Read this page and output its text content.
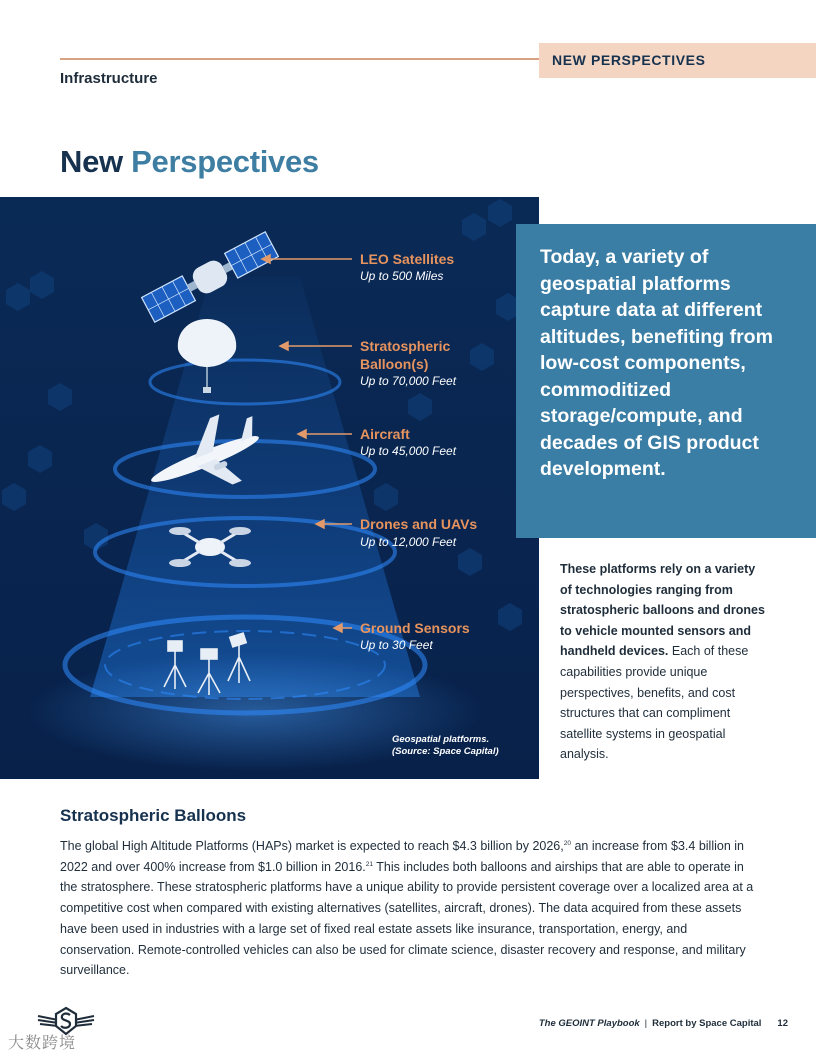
NEW PERSPECTIVES
Infrastructure
New Perspectives
LEO Satellites
Up to 500 Miles
Stratospheric
Balloon(s)
Up to 70,000 Feet
Aircraft
Up to 45,000 Feet
Drones and UAVs
Up to 12,000 Feet
Ground Sensors
Up to 30 Feet
Geospatial platforms.
(Source: Space Capital)
Today, a variety of geospatial platforms capture data at different altitudes, benefiting from low-cost components, commoditized storage/compute, and decades of GIS product development.
These platforms rely on a variety of technologies ranging from stratospheric balloons and drones to vehicle mounted sensors and handheld devices. Each of these capabilities provide unique perspectives, benefits, and cost structures that can compliment satellite systems in geospatial analysis.
Stratospheric Balloons

The global High Altitude Platforms (HAPs) market is expected to reach $4.3 billion by 2026,20 an increase from $3.4 billion in 2022 and over 400% increase from $1.0 billion in 2016.21 This includes both balloons and airships that are able to operate in the stratosphere. These stratospheric platforms have a unique ability to provide persistent coverage over a localized area at a competitive cost when compared with existing alternatives (satellites, aircraft, drones). The data acquired from these assets have been used in industries with a large set of fixed real estate assets like insurance, transportation, energy, and conservation. Remote-controlled vehicles can also be used for climate science, disaster recovery and response, and military surveillance.

大数跨境
The GEOINT Playbook | Report by Space Capital 12
